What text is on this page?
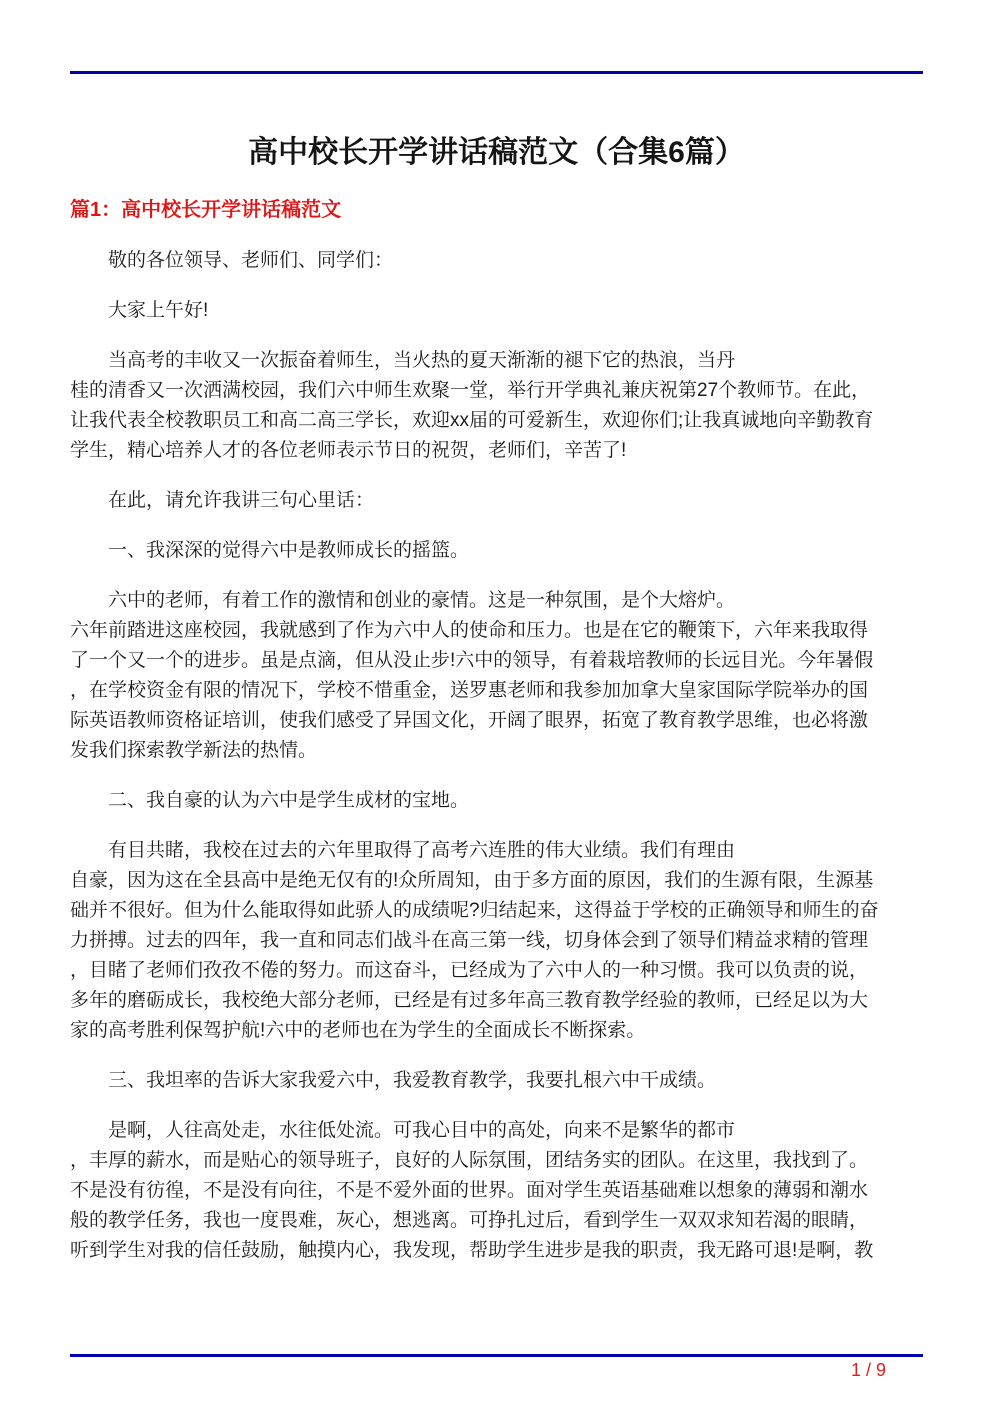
高中校长开学讲话稿范文（合集6篇）
篇1：高中校长开学讲话稿范文
敬的各位领导、老师们、同学们：
大家上午好!
当高考的丰收又一次振奋着师生，当火热的夏天渐渐的褪下它的热浪，当丹
桂的清香又一次洒满校园，我们六中师生欢聚一堂，举行开学典礼兼庆祝第27个教师节。在此，
让我代表全校教职员工和高二高三学长，欢迎xx届的可爱新生，欢迎你们;让我真诚地向辛勤教育
学生，精心培养人才的各位老师表示节日的祝贺，老师们，辛苦了!
在此，请允许我讲三句心里话：
一、我深深的觉得六中是教师成长的摇篮。
六中的老师，有着工作的激情和创业的豪情。这是一种氛围，是个大熔炉。
六年前踏进这座校园，我就感到了作为六中人的使命和压力。也是在它的鞭策下，六年来我取得
了一个又一个的进步。虽是点滴，但从没止步!六中的领导，有着栽培教师的长远目光。今年暑假
，在学校资金有限的情况下，学校不惜重金，送罗惠老师和我参加加拿大皇家国际学院举办的国
际英语教师资格证培训，使我们感受了异国文化，开阔了眼界，拓宽了教育教学思维，也必将激
发我们探索教学新法的热情。
二、我自豪的认为六中是学生成材的宝地。
有目共睹，我校在过去的六年里取得了高考六连胜的伟大业绩。我们有理由
自豪，因为这在全县高中是绝无仅有的!众所周知，由于多方面的原因，我们的生源有限，生源基
础并不很好。但为什么能取得如此骄人的成绩呢?归结起来，这得益于学校的正确领导和师生的奋
力拼搏。过去的四年，我一直和同志们战斗在高三第一线，切身体会到了领导们精益求精的管理
，目睹了老师们孜孜不倦的努力。而这奋斗，已经成为了六中人的一种习惯。我可以负责的说，
多年的磨砺成长，我校绝大部分老师，已经是有过多年高三教育教学经验的教师，已经足以为大
家的高考胜利保驾护航!六中的老师也在为学生的全面成长不断探索。
三、我坦率的告诉大家我爱六中，我爱教育教学，我要扎根六中干成绩。
是啊，人往高处走，水往低处流。可我心目中的高处，向来不是繁华的都市
，丰厚的薪水，而是贴心的领导班子，良好的人际氛围，团结务实的团队。在这里，我找到了。
不是没有彷徨，不是没有向往，不是不爱外面的世界。面对学生英语基础难以想象的薄弱和潮水
般的教学任务，我也一度畏难，灰心，想逃离。可挣扎过后，看到学生一双双求知若渴的眼睛，
听到学生对我的信任鼓励，触摸内心，我发现，帮助学生进步是我的职责，我无路可退!是啊，教
1 / 9
